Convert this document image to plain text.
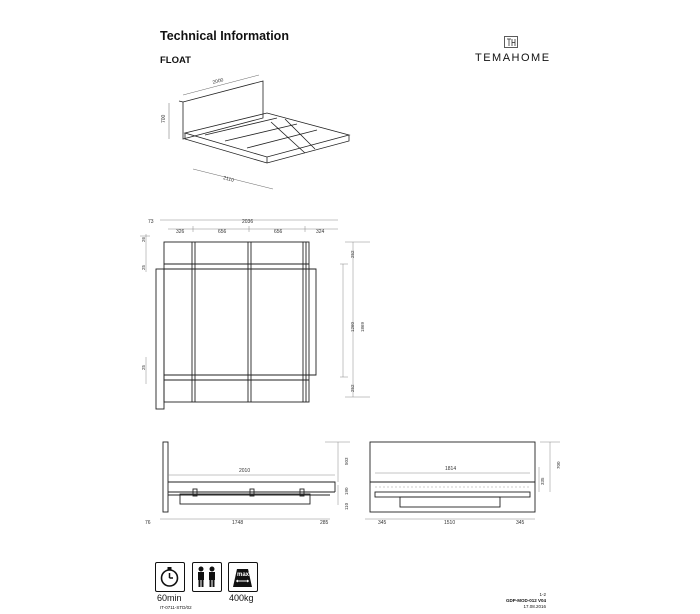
Technical Information
FLOAT	TEMAHOME
2000
700
2110
73	2036
326	656	656	324
26
25
25
252
1260 1869
252
2010
503
190
110
76	1748	285
1814	700
335
345	1510	345
60min
max.
400kg
IT-0711-STD/02
1-2
GDP-MOD-012 V04
17.08.2016
